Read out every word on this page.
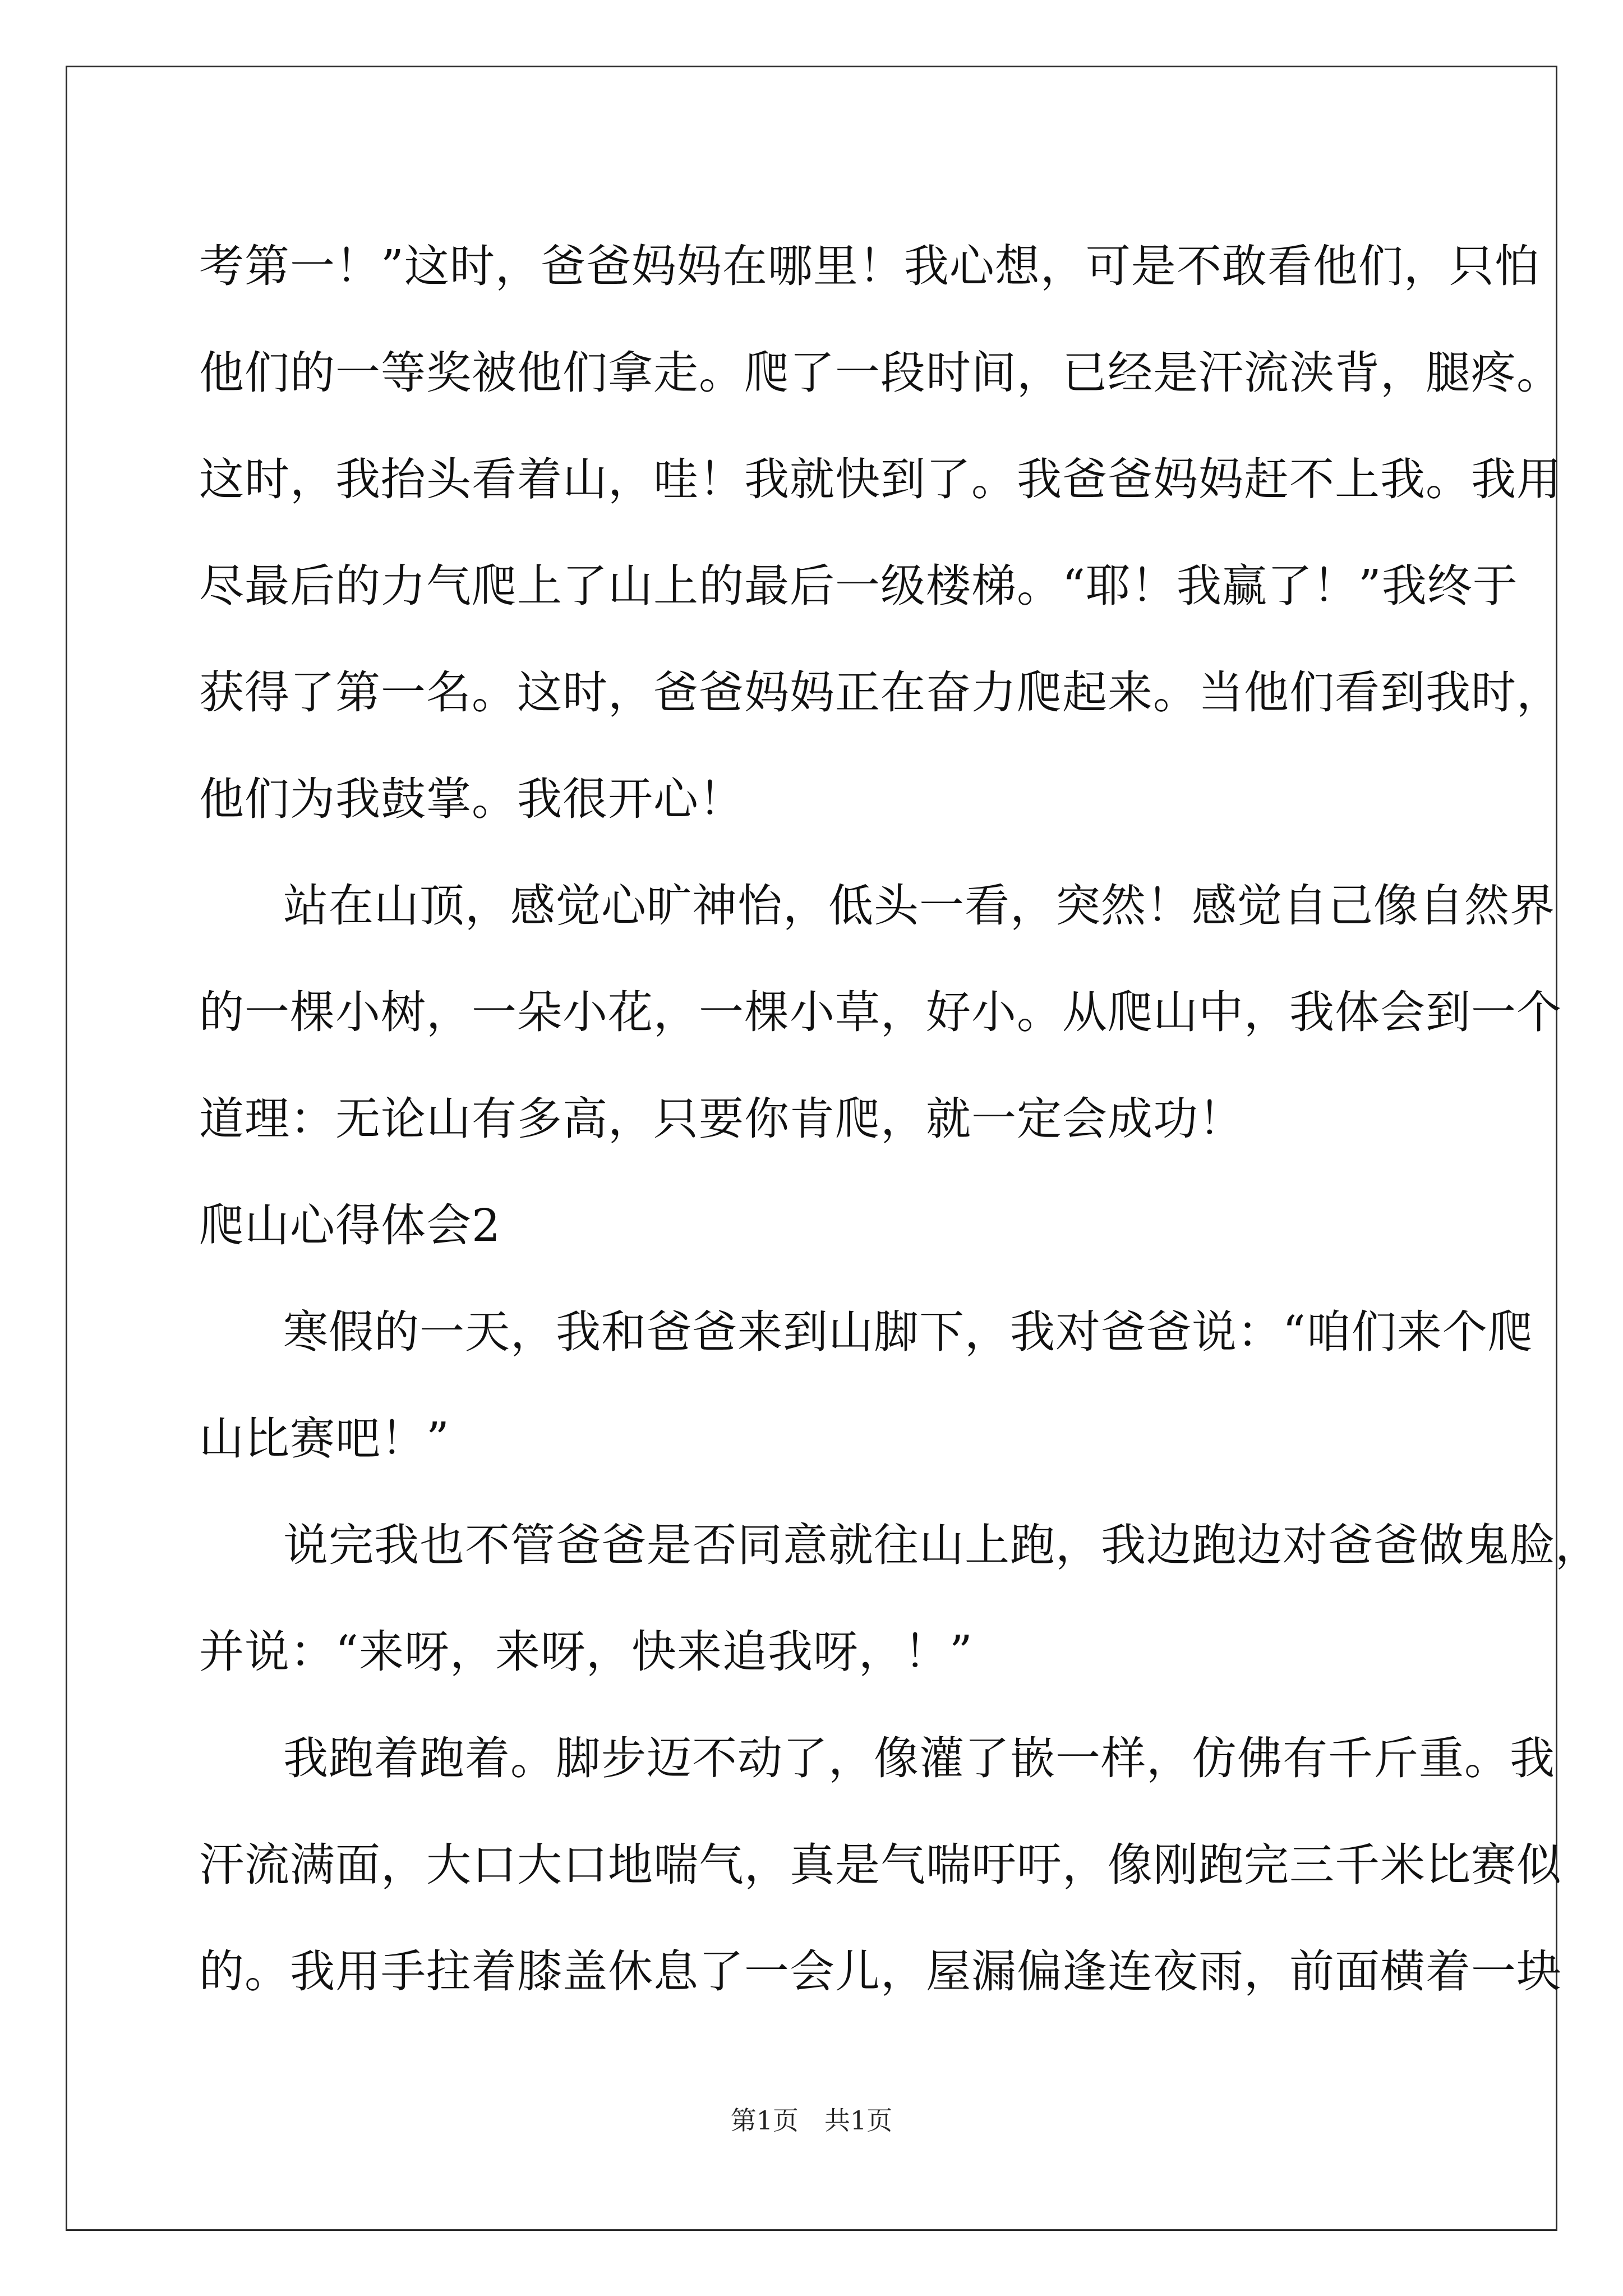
考第一！”这时，爸爸妈妈在哪里！我心想，可是不敢看他们，只怕
他们的一等奖被他们拿走。爬了一段时间，已经是汗流浃背，腿疼。
这时，我抬头看着山，哇！我就快到了。我爸爸妈妈赶不上我。我用
尽最后的力气爬上了山上的最后一级楼梯。“耶！我赢了！”我终于
获得了第一名。这时，爸爸妈妈正在奋力爬起来。当他们看到我时，
他们为我鼓掌。我很开心！
站在山顶，感觉心旷神怡，低头一看，突然！感觉自己像自然界
的一棵小树，一朵小花，一棵小草，好小。从爬山中，我体会到一个
道理：无论山有多高，只要你肯爬，就一定会成功！
爬山心得体会2
寒假的一天，我和爸爸来到山脚下，我对爸爸说：“咱们来个爬
山比赛吧！”
说完我也不管爸爸是否同意就往山上跑，我边跑边对爸爸做鬼脸，
并说：“来呀，来呀，快来追我呀，！”
我跑着跑着。脚步迈不动了，像灌了嵌一样，仿佛有千斤重。我
汗流满面，大口大口地喘气，真是气喘吁吁，像刚跑完三千米比赛似
的。我用手拄着膝盖休息了一会儿，屋漏偏逢连夜雨，前面横着一块
第1页　共1页
